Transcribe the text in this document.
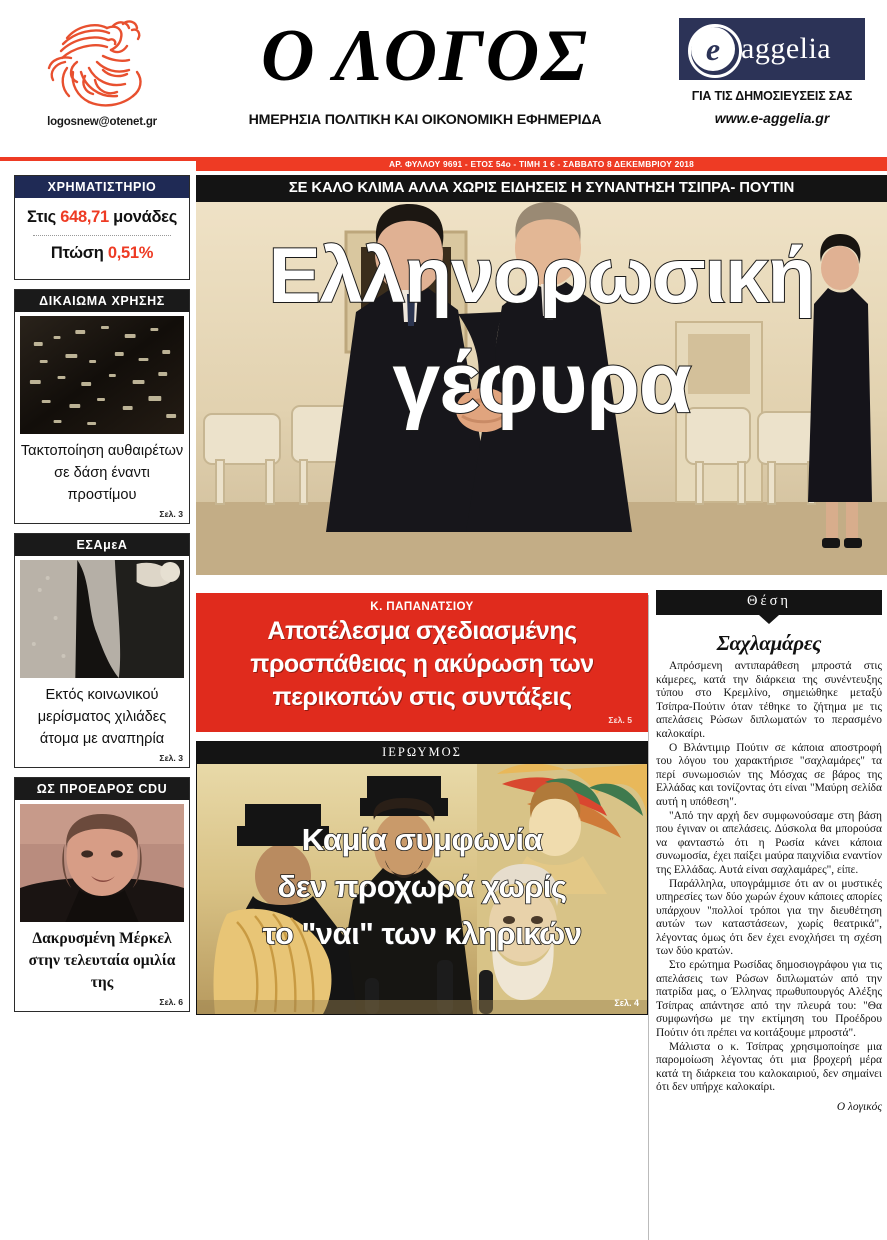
logosnew@otenet.gr
Ο ΛΟΓΟΣ
ΗΜΕΡΗΣΙΑ ΠΟΛΙΤΙΚΗ ΚΑΙ ΟΙΚΟΝΟΜΙΚΗ ΕΦΗΜΕΡΙΔΑ
e aggelia
ΓΙΑ ΤΙΣ ΔΗΜΟΣΙΕΥΣΕΙΣ ΣΑΣ
www.e-aggelia.gr
ΑΡ. ΦΥΛΛΟΥ 9691 - ΕΤΟΣ 54ο - ΤΙΜΗ 1 € - ΣΑΒΒΑΤΟ 8 ΔΕΚΕΜΒΡΙΟΥ 2018
ΧΡΗΜΑΤΙΣΤΗΡΙΟ
Στις 648,71 μονάδες
Πτώση 0,51%
ΔΙΚΑΙΩΜΑ ΧΡΗΣΗΣ
Τακτοποίηση αυθαιρέτων σε δάση έναντι προστίμου
Σελ. 3
ΕΣΑμεΑ
Εκτός κοινωνικού μερίσματος χιλιάδες άτομα με αναπηρία
Σελ. 3
ΩΣ ΠΡΟΕΔΡΟΣ CDU
Δακρυσμένη Μέρκελ στην τελευταία ομιλία της
Σελ. 6
ΣΕ ΚΑΛΟ ΚΛΙΜΑ ΑΛΛΑ ΧΩΡΙΣ ΕΙΔΗΣΕΙΣ Η ΣΥΝΑΝΤΗΣΗ ΤΣΙΠΡΑ- ΠΟΥΤΙΝ
Ελληνορωσική
γέφυρα
Κ. ΠΑΠΑΝΑΤΣΙΟΥ
Αποτέλεσμα σχεδιασμένης προσπάθειας η ακύρωση των περικοπών στις συντάξεις
Σελ. 5
ΙΕΡΩΥΜΟΣ
Καμία συμφωνία
δεν προχωρά χωρίς
το "ναι" των κληρικών
Σελ. 4
Θέση
Σαχλαμάρες

Απρόσμενη αντιπαράθεση μπροστά στις κάμερες, κατά την διάρκεια της συνέντευξης τύπου στο Κρεμλίνο, σημειώθηκε μεταξύ Τσίπρα-Πούτιν όταν τέθηκε το ζήτημα με τις απελάσεις Ρώσων διπλωματών το περασμένο καλοκαίρι.

Ο Βλάντιμιρ Πούτιν σε κάποια αποστροφή του λόγου του χαρακτήρισε "σαχλαμάρες" τα περί συνωμοσιών της Μόσχας σε βάρος της Ελλάδας και τονίζοντας ότι είναι "Μαύρη σελίδα αυτή η υπόθεση".

"Από την αρχή δεν συμφωνούσαμε στη βάση που έγιναν οι απελάσεις. Δύσκολα θα μπορούσα να φανταστώ ότι η Ρωσία κάνει κάποια συνωμοσία, έχει παίξει μαύρα παιχνίδια εναντίον της Ελλάδας. Αυτά είναι σαχλαμάρες", είπε.

Παράλληλα, υπογράμμισε ότι αν οι μυστικές υπηρεσίες των δύο χωρών έχουν κάποιες απορίες υπάρχουν "πολλοί τρόποι για την διευθέτηση αυτών των καταστάσεων, χωρίς θεατρικά", λέγοντας όμως ότι δεν έχει ενοχλήσει τη σχέση των δύο κρατών.

Στο ερώτημα Ρωσίδας δημοσιογράφου για τις απελάσεις των Ρώσων διπλωματών από την πατρίδα μας, ο Έλληνας πρωθυπουργός Αλέξης Τσίπρας απάντησε από την πλευρά του: "Θα συμφωνήσω με την εκτίμηση του Προέδρου Πούτιν ότι πρέπει να κοιτάξουμε μπροστά".

Μάλιστα ο κ. Τσίπρας χρησιμοποίησε μια παρομοίωση λέγοντας ότι μια βροχερή μέρα κατά τη διάρκεια του καλοκαιριού, δεν σημαίνει ότι δεν υπήρχε καλοκαίρι.

Ο λογικός
